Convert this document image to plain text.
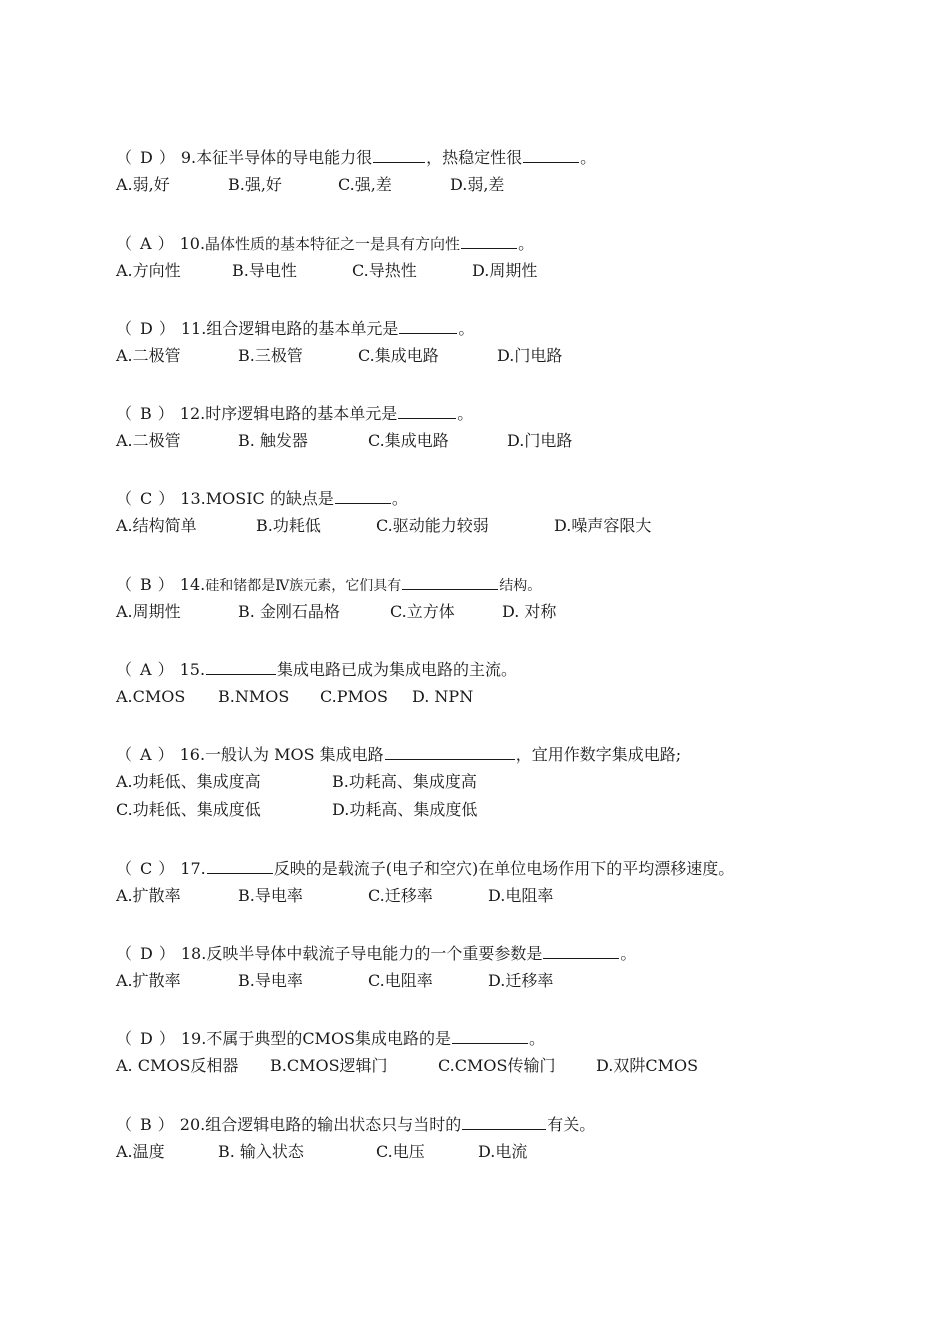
（ D ） 9.本征半导体的导电能力很	，热稳定性很	。
A.弱,好	B.强,好	C.强,差	D.弱,差
（ A ） 10.晶体性质的基本特征之一是具有方向性	。
A.方向性	B.导电性	C.导热性	D.周期性
（ D ） 11.组合逻辑电路的基本单元是	。
A.二极管	B.三极管	C.集成电路	D.门电路
（ B ） 12.时序逻辑电路的基本单元是	。
A.二极管	B. 触发器	C.集成电路	D.门电路
（ C ） 13.MOSIC 的缺点是	。
A.结构简单	B.功耗低	C.驱动能力较弱	D.噪声容限大
（ B ） 14.硅和锗都是Ⅳ族元素，它们具有	结构。
A.周期性	B. 金刚石晶格	C.立方体	D. 对称
（ A ） 15.	集成电路已成为集成电路的主流。
A.CMOS B.NMOS C.PMOS D. NPN
（ A ） 16.一般认为 MOS 集成电路	，宜用作数字集成电路;
A.功耗低、集成度高	B.功耗高、集成度高
C.功耗低、集成度低	D.功耗高、集成度低
（ C ） 17.	反映的是载流子(电子和空穴)在单位电场作用下的平均漂移速度。
A.扩散率	B.导电率	C.迁移率	D.电阻率
（ D ） 18.反映半导体中载流子导电能力的一个重要参数是	。
A.扩散率	B.导电率	C.电阻率	D.迁移率
（ D ） 19.不属于典型的CMOS集成电路的是	。
A. CMOS反相器 B.CMOS逻辑门	C.CMOS传输门	D.双阱CMOS
（ B ） 20.组合逻辑电路的输出状态只与当时的	有关。
A.温度	B. 输入状态	C.电压	D.电流
